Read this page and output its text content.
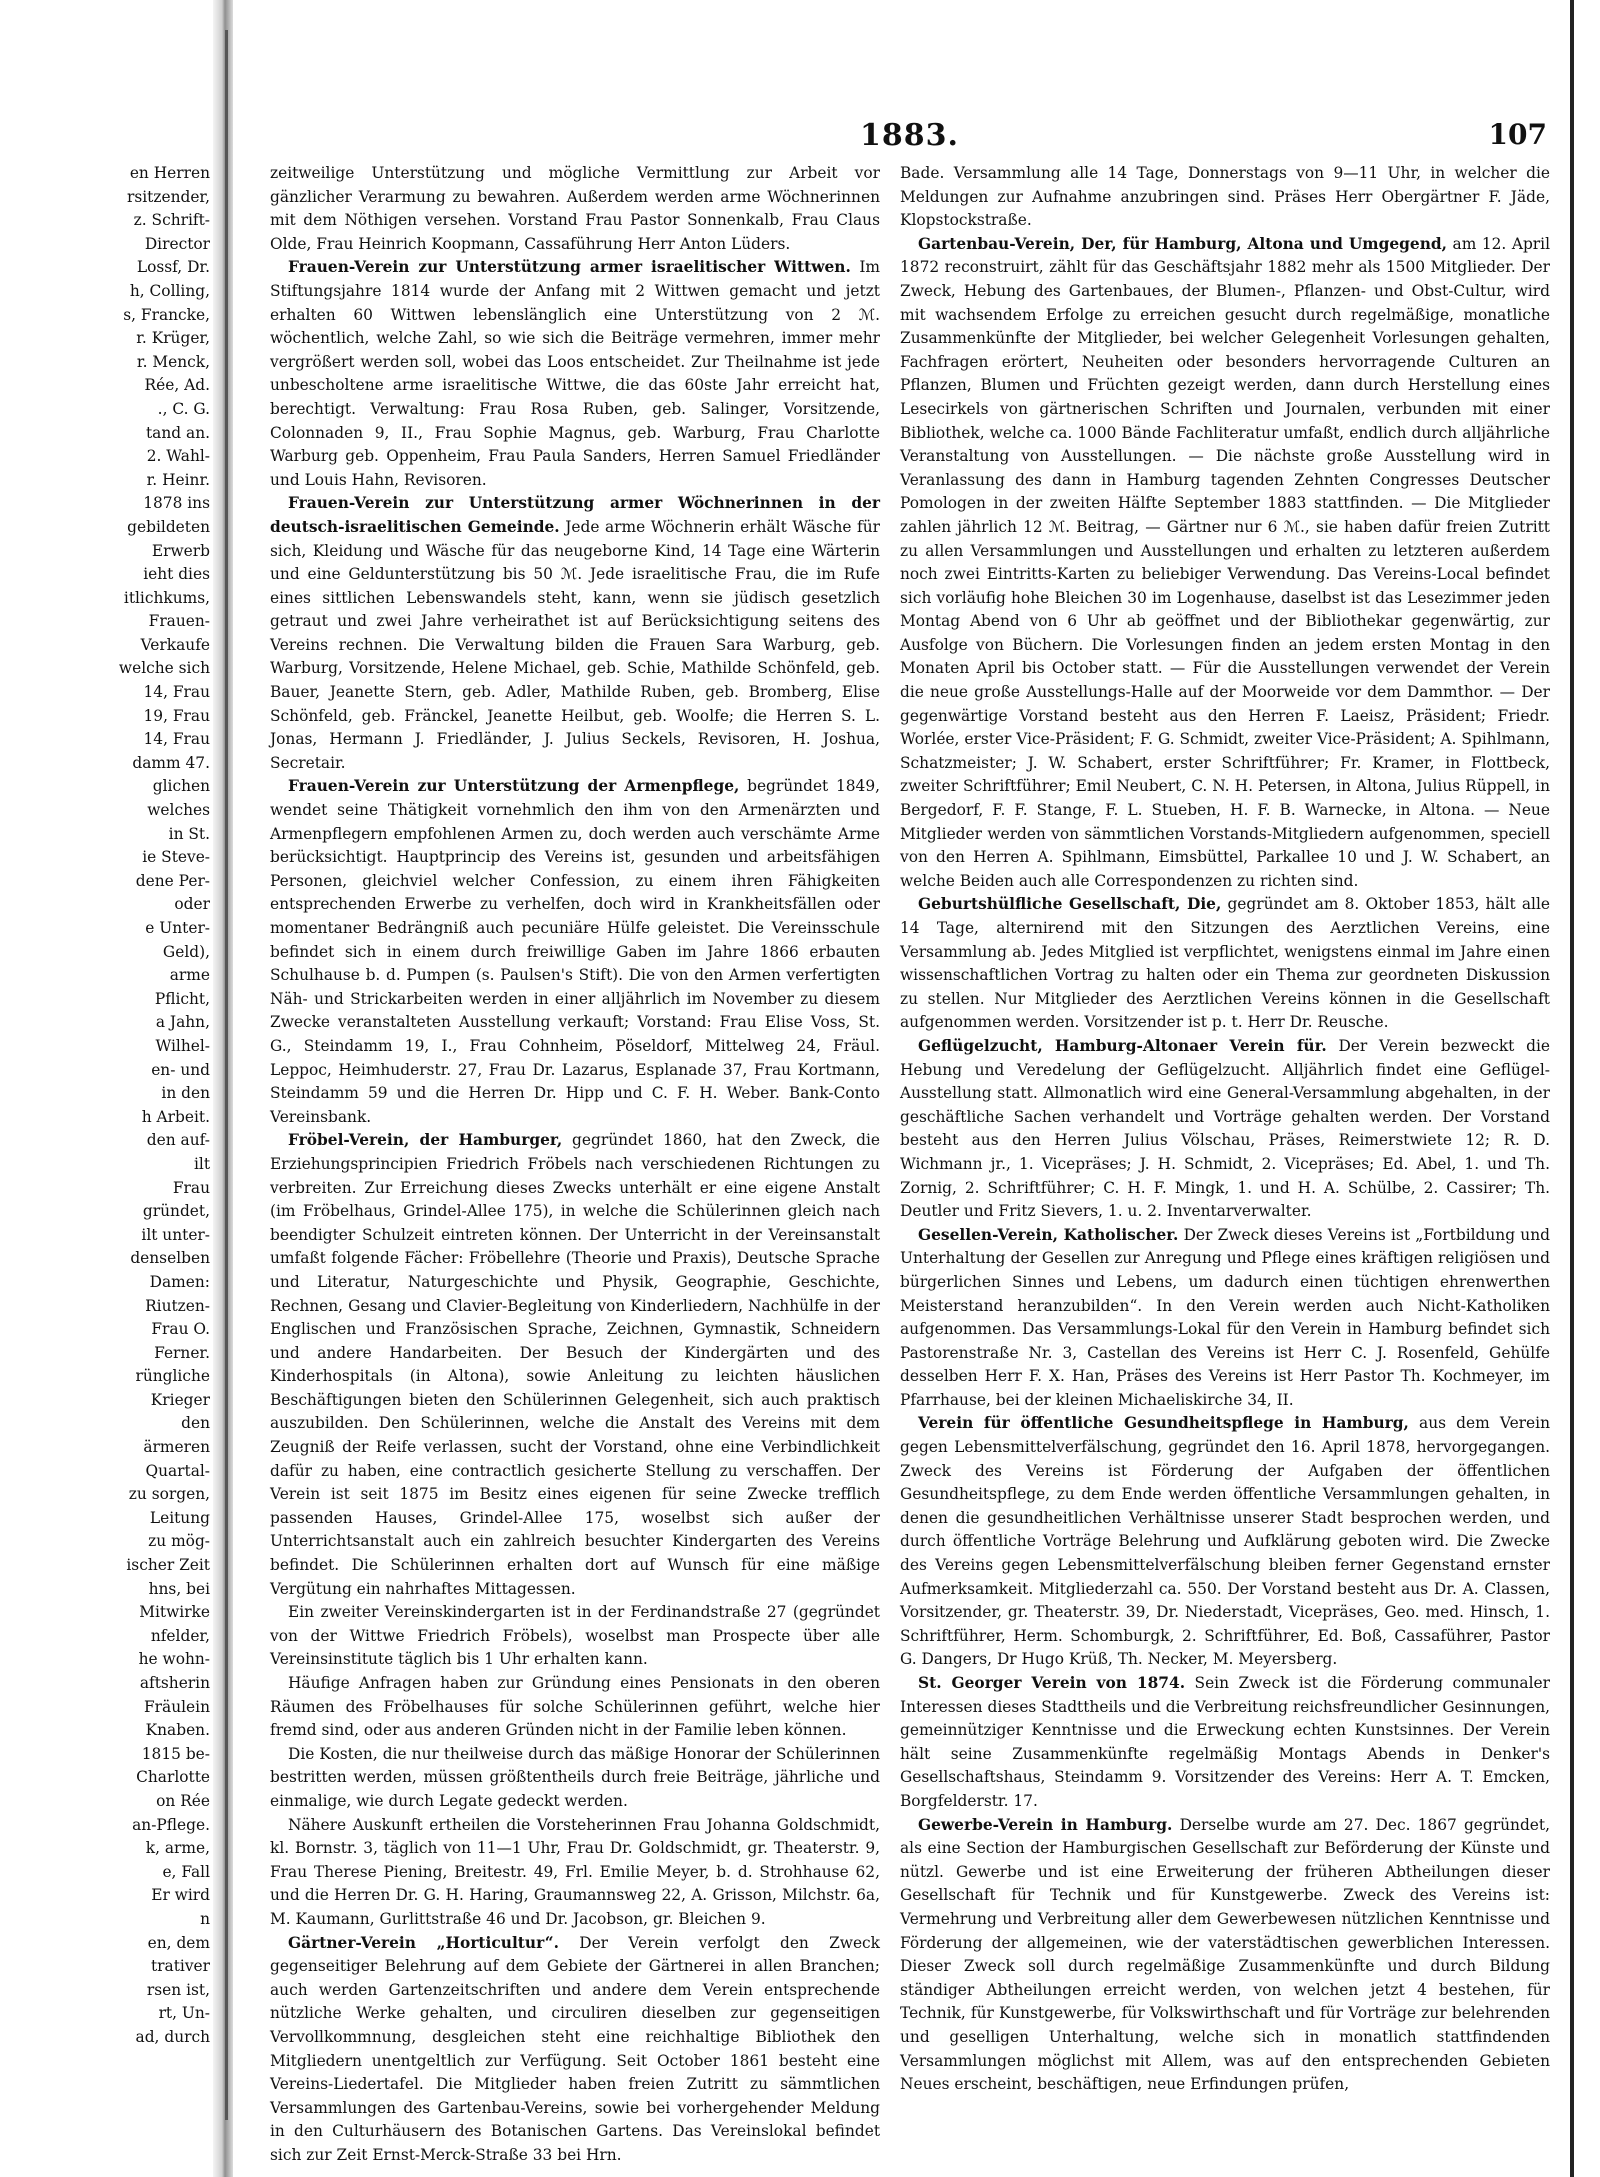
en Herren
rsitzender,
z. Schrift-
Director
Lossf, Dr.
h, Colling,
s, Francke,
r. Krüger,
r. Menck,
Rée, Ad.
., C. G.
tand an.
2. Wahl-
r. Heinr.
1878 ins
gebildeten
Erwerb
ieht dies
itlichkums,
Frauen-
Verkaufe
welche sich
14, Frau
19, Frau
14, Frau
damm 47.
glichen
welches
in St.
ie Steve-
dene Per-
oder
e Unter-
Geld),
arme
Pflicht,
a Jahn,
Wilhel-
en- und
in den
h Arbeit.
den auf-
ilt
Frau
gründet,
ilt unter-
denselben
Damen:
Riutzen-
Frau O.
Ferner.
rüngliche
Krieger
den
ärmeren
Quartal-
zu sorgen,
Leitung
zu mög-
ischer Zeit
hns, bei
Mitwirke
nfelder,
he wohn-
aftsherin
Fräulein
Knaben.
1815 be-
Charlotte
on Rée
an-Pflege.
k, arme,
e, Fall
Er wird
n
en, dem
trativer
rsen ist,
rt, Un-
ad, durch
1883.	107

zeitweilige Unterstützung und mögliche Vermittlung zur Arbeit vor gänzlicher Verarmung zu bewahren. Außerdem werden arme Wöchnerinnen mit dem Nöthigen versehen. Vorstand Frau Pastor Sonnenkalb, Frau Claus Olde, Frau Heinrich Koopmann, Cassaführung Herr Anton Lüders.

Frauen-Verein zur Unterstützung armer israelitischer Wittwen. Im Stiftungsjahre 1814 wurde der Anfang mit 2 Wittwen gemacht und jetzt erhalten 60 Wittwen lebenslänglich eine Unterstützung von 2 ℳ. wöchentlich, welche Zahl, so wie sich die Beiträge vermehren, immer mehr vergrößert werden soll, wobei das Loos entscheidet. Zur Theilnahme ist jede unbescholtene arme israelitische Wittwe, die das 60ste Jahr erreicht hat, berechtigt. Verwaltung: Frau Rosa Ruben, geb. Salinger, Vorsitzende, Colonnaden 9, II., Frau Sophie Magnus, geb. Warburg, Frau Charlotte Warburg geb. Oppenheim, Frau Paula Sanders, Herren Samuel Friedländer und Louis Hahn, Revisoren.

Frauen-Verein zur Unterstützung armer Wöchnerinnen in der deutsch-israelitischen Gemeinde. Jede arme Wöchnerin erhält Wäsche für sich, Kleidung und Wäsche für das neugeborne Kind, 14 Tage eine Wärterin und eine Geldunterstützung bis 50 ℳ. Jede israelitische Frau, die im Rufe eines sittlichen Lebenswandels steht, kann, wenn sie jüdisch gesetzlich getraut und zwei Jahre verheirathet ist auf Berücksichtigung seitens des Vereins rechnen. Die Verwaltung bilden die Frauen Sara Warburg, geb. Warburg, Vorsitzende, Helene Michael, geb. Schie, Mathilde Schönfeld, geb. Bauer, Jeanette Stern, geb. Adler, Mathilde Ruben, geb. Bromberg, Elise Schönfeld, geb. Fränckel, Jeanette Heilbut, geb. Woolfe; die Herren S. L. Jonas, Hermann J. Friedländer, J. Julius Seckels, Revisoren, H. Joshua, Secretair.

Frauen-Verein zur Unterstützung der Armenpflege, begründet 1849, wendet seine Thätigkeit vornehmlich den ihm von den Armenärzten und Armenpflegern empfohlenen Armen zu, doch werden auch verschämte Arme berücksichtigt. Hauptprincip des Vereins ist, gesunden und arbeitsfähigen Personen, gleichviel welcher Confession, zu einem ihren Fähigkeiten entsprechenden Erwerbe zu verhelfen, doch wird in Krankheitsfällen oder momentaner Bedrängniß auch pecuniäre Hülfe geleistet. Die Vereinsschule befindet sich in einem durch freiwillige Gaben im Jahre 1866 erbauten Schulhause b. d. Pumpen (s. Paulsen's Stift). Die von den Armen verfertigten Näh- und Strickarbeiten werden in einer alljährlich im November zu diesem Zwecke veranstalteten Ausstellung verkauft; Vorstand: Frau Elise Voss, St. G., Steindamm 19, I., Frau Cohnheim, Pöseldorf, Mittelweg 24, Fräul. Leppoc, Heimhuderstr. 27, Frau Dr. Lazarus, Esplanade 37, Frau Kortmann, Steindamm 59 und die Herren Dr. Hipp und C. F. H. Weber. Bank-Conto Vereinsbank.

Fröbel-Verein, der Hamburger, gegründet 1860, hat den Zweck, die Erziehungsprincipien Friedrich Fröbels nach verschiedenen Richtungen zu verbreiten. Zur Erreichung dieses Zwecks unterhält er eine eigene Anstalt (im Fröbelhaus, Grindel-Allee 175), in welche die Schülerinnen gleich nach beendigter Schulzeit eintreten können. Der Unterricht in der Vereinsanstalt umfaßt folgende Fächer: Fröbellehre (Theorie und Praxis), Deutsche Sprache und Literatur, Naturgeschichte und Physik, Geographie, Geschichte, Rechnen, Gesang und Clavier-Begleitung von Kinderliedern, Nachhülfe in der Englischen und Französischen Sprache, Zeichnen, Gymnastik, Schneidern und andere Handarbeiten. Der Besuch der Kindergärten und des Kinderhospitals (in Altona), sowie Anleitung zu leichten häuslichen Beschäftigungen bieten den Schülerinnen Gelegenheit, sich auch praktisch auszubilden. Den Schülerinnen, welche die Anstalt des Vereins mit dem Zeugniß der Reife verlassen, sucht der Vorstand, ohne eine Verbindlichkeit dafür zu haben, eine contractlich gesicherte Stellung zu verschaffen. Der Verein ist seit 1875 im Besitz eines eigenen für seine Zwecke trefflich passenden Hauses, Grindel-Allee 175, woselbst sich außer der Unterrichtsanstalt auch ein zahlreich besuchter Kindergarten des Vereins befindet. Die Schülerinnen erhalten dort auf Wunsch für eine mäßige Vergütung ein nahrhaftes Mittagessen.

Ein zweiter Vereinskindergarten ist in der Ferdinandstraße 27 (gegründet von der Wittwe Friedrich Fröbels), woselbst man Prospecte über alle Vereinsinstitute täglich bis 1 Uhr erhalten kann.

Häufige Anfragen haben zur Gründung eines Pensionats in den oberen Räumen des Fröbelhauses für solche Schülerinnen geführt, welche hier fremd sind, oder aus anderen Gründen nicht in der Familie leben können.

Die Kosten, die nur theilweise durch das mäßige Honorar der Schülerinnen bestritten werden, müssen größtentheils durch freie Beiträge, jährliche und einmalige, wie durch Legate gedeckt werden.

Nähere Auskunft ertheilen die Vorsteherinnen Frau Johanna Goldschmidt, kl. Bornstr. 3, täglich von 11—1 Uhr, Frau Dr. Goldschmidt, gr. Theaterstr. 9, Frau Therese Piening, Breitestr. 49, Frl. Emilie Meyer, b. d. Strohhause 62, und die Herren Dr. G. H. Haring, Graumannsweg 22, A. Grisson, Milchstr. 6a, M. Kaumann, Gurlittstraße 46 und Dr. Jacobson, gr. Bleichen 9.

Gärtner-Verein „Horticultur“. Der Verein verfolgt den Zweck gegenseitiger Belehrung auf dem Gebiete der Gärtnerei in allen Branchen; auch werden Gartenzeitschriften und andere dem Verein entsprechende nützliche Werke gehalten, und circuliren dieselben zur gegenseitigen Vervollkommnung, desgleichen steht eine reichhaltige Bibliothek den Mitgliedern unentgeltlich zur Verfügung. Seit October 1861 besteht eine Vereins-Liedertafel. Die Mitglieder haben freien Zutritt zu sämmtlichen Versammlungen des Gartenbau-Vereins, sowie bei vorhergehender Meldung in den Culturhäusern des Botanischen Gartens. Das Vereinslokal befindet sich zur Zeit Ernst-Merck-Straße 33 bei Hrn.

Bade. Versammlung alle 14 Tage, Donnerstags von 9—11 Uhr, in welcher die Meldungen zur Aufnahme anzubringen sind. Präses Herr Obergärtner F. Jäde, Klopstockstraße.

Gartenbau-Verein, Der, für Hamburg, Altona und Umgegend, am 12. April 1872 reconstruirt, zählt für das Geschäftsjahr 1882 mehr als 1500 Mitglieder. Der Zweck, Hebung des Gartenbaues, der Blumen-, Pflanzen- und Obst-Cultur, wird mit wachsendem Erfolge zu erreichen gesucht durch regelmäßige, monatliche Zusammenkünfte der Mitglieder, bei welcher Gelegenheit Vorlesungen gehalten, Fachfragen erörtert, Neuheiten oder besonders hervorragende Culturen an Pflanzen, Blumen und Früchten gezeigt werden, dann durch Herstellung eines Lesecirkels von gärtnerischen Schriften und Journalen, verbunden mit einer Bibliothek, welche ca. 1000 Bände Fachliteratur umfaßt, endlich durch alljährliche Veranstaltung von Ausstellungen. — Die nächste große Ausstellung wird in Veranlassung des dann in Hamburg tagenden Zehnten Congresses Deutscher Pomologen in der zweiten Hälfte September 1883 stattfinden. — Die Mitglieder zahlen jährlich 12 ℳ. Beitrag, — Gärtner nur 6 ℳ., sie haben dafür freien Zutritt zu allen Versammlungen und Ausstellungen und erhalten zu letzteren außerdem noch zwei Eintritts-Karten zu beliebiger Verwendung. Das Vereins-Local befindet sich vorläufig hohe Bleichen 30 im Logenhause, daselbst ist das Lesezimmer jeden Montag Abend von 6 Uhr ab geöffnet und der Bibliothekar gegenwärtig, zur Ausfolge von Büchern. Die Vorlesungen finden an jedem ersten Montag in den Monaten April bis October statt. — Für die Ausstellungen verwendet der Verein die neue große Ausstellungs-Halle auf der Moorweide vor dem Dammthor. — Der gegenwärtige Vorstand besteht aus den Herren F. Laeisz, Präsident; Friedr. Worlée, erster Vice-Präsident; F. G. Schmidt, zweiter Vice-Präsident; A. Spihlmann, Schatzmeister; J. W. Schabert, erster Schriftführer; Fr. Kramer, in Flottbeck, zweiter Schriftführer; Emil Neubert, C. N. H. Petersen, in Altona, Julius Rüppell, in Bergedorf, F. F. Stange, F. L. Stueben, H. F. B. Warnecke, in Altona. — Neue Mitglieder werden von sämmtlichen Vorstands-Mitgliedern aufgenommen, speciell von den Herren A. Spihlmann, Eimsbüttel, Parkallee 10 und J. W. Schabert, an welche Beiden auch alle Correspondenzen zu richten sind.

Geburtshülfliche Gesellschaft, Die, gegründet am 8. Oktober 1853, hält alle 14 Tage, alternirend mit den Sitzungen des Aerztlichen Vereins, eine Versammlung ab. Jedes Mitglied ist verpflichtet, wenigstens einmal im Jahre einen wissenschaftlichen Vortrag zu halten oder ein Thema zur geordneten Diskussion zu stellen. Nur Mitglieder des Aerztlichen Vereins können in die Gesellschaft aufgenommen werden. Vorsitzender ist p. t. Herr Dr. Reusche.

Geflügelzucht, Hamburg-Altonaer Verein für. Der Verein bezweckt die Hebung und Veredelung der Geflügelzucht. Alljährlich findet eine Geflügel-Ausstellung statt. Allmonatlich wird eine General-Versammlung abgehalten, in der geschäftliche Sachen verhandelt und Vorträge gehalten werden. Der Vorstand besteht aus den Herren Julius Völschau, Präses, Reimerstwiete 12; R. D. Wichmann jr., 1. Vicepräses; J. H. Schmidt, 2. Vicepräses; Ed. Abel, 1. und Th. Zornig, 2. Schriftführer; C. H. F. Mingk, 1. und H. A. Schülbe, 2. Cassirer; Th. Deutler und Fritz Sievers, 1. u. 2. Inventarverwalter.

Gesellen-Verein, Katholischer. Der Zweck dieses Vereins ist „Fortbildung und Unterhaltung der Gesellen zur Anregung und Pflege eines kräftigen religiösen und bürgerlichen Sinnes und Lebens, um dadurch einen tüchtigen ehrenwerthen Meisterstand heranzubilden“. In den Verein werden auch Nicht-Katholiken aufgenommen. Das Versammlungs-Lokal für den Verein in Hamburg befindet sich Pastorenstraße Nr. 3, Castellan des Vereins ist Herr C. J. Rosenfeld, Gehülfe desselben Herr F. X. Han, Präses des Vereins ist Herr Pastor Th. Kochmeyer, im Pfarrhause, bei der kleinen Michaeliskirche 34, II.

Verein für öffentliche Gesundheitspflege in Hamburg, aus dem Verein gegen Lebensmittelverfälschung, gegründet den 16. April 1878, hervorgegangen. Zweck des Vereins ist Förderung der Aufgaben der öffentlichen Gesundheitspflege, zu dem Ende werden öffentliche Versammlungen gehalten, in denen die gesundheitlichen Verhältnisse unserer Stadt besprochen werden, und durch öffentliche Vorträge Belehrung und Aufklärung geboten wird. Die Zwecke des Vereins gegen Lebensmittelverfälschung bleiben ferner Gegenstand ernster Aufmerksamkeit. Mitgliederzahl ca. 550. Der Vorstand besteht aus Dr. A. Classen, Vorsitzender, gr. Theaterstr. 39, Dr. Niederstadt, Vicepräses, Geo. med. Hinsch, 1. Schriftführer, Herm. Schomburgk, 2. Schriftführer, Ed. Boß, Cassaführer, Pastor G. Dangers, Dr Hugo Krüß, Th. Necker, M. Meyersberg.

St. Georger Verein von 1874. Sein Zweck ist die Förderung communaler Interessen dieses Stadttheils und die Verbreitung reichsfreundlicher Gesinnungen, gemeinnütziger Kenntnisse und die Erweckung echten Kunstsinnes. Der Verein hält seine Zusammenkünfte regelmäßig Montags Abends in Denker's Gesellschaftshaus, Steindamm 9. Vorsitzender des Vereins: Herr A. T. Emcken, Borgfelderstr. 17.

Gewerbe-Verein in Hamburg. Derselbe wurde am 27. Dec. 1867 gegründet, als eine Section der Hamburgischen Gesellschaft zur Beförderung der Künste und nützl. Gewerbe und ist eine Erweiterung der früheren Abtheilungen dieser Gesellschaft für Technik und für Kunstgewerbe. Zweck des Vereins ist: Vermehrung und Verbreitung aller dem Gewerbewesen nützlichen Kenntnisse und Förderung der allgemeinen, wie der vaterstädtischen gewerblichen Interessen. Dieser Zweck soll durch regelmäßige Zusammenkünfte und durch Bildung ständiger Abtheilungen erreicht werden, von welchen jetzt 4 bestehen, für Technik, für Kunstgewerbe, für Volkswirthschaft und für Vorträge zur belehrenden und geselligen Unterhaltung, welche sich in monatlich stattfindenden Versammlungen möglichst mit Allem, was auf den entsprechenden Gebieten Neues erscheint, beschäftigen, neue Erfindungen prüfen,
